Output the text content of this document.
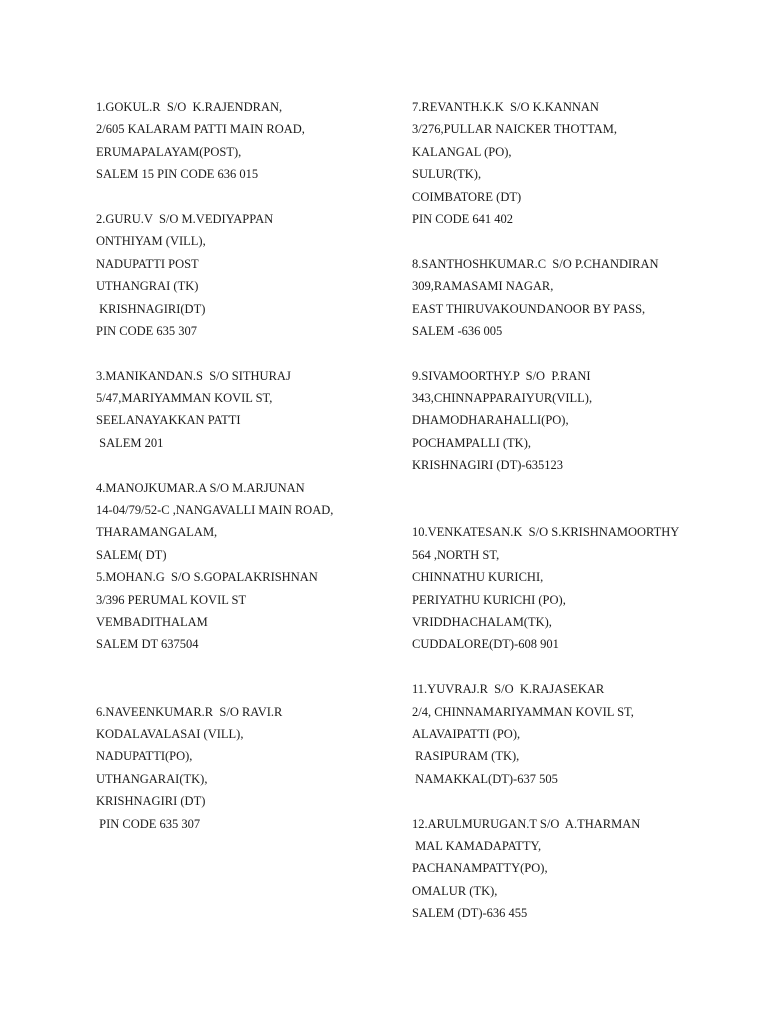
1.GOKUL.R  S/O  K.RAJENDRAN,
2/605 KALARAM PATTI MAIN ROAD,
ERUMAPALAYAM(POST),
SALEM 15 PIN CODE 636 015
2.GURU.V  S/O M.VEDIYAPPAN
ONTHIYAM (VILL),
NADUPATTI POST
UTHANGRAI (TK)
KRISHNAGIRI(DT)
PIN CODE 635 307
3.MANIKANDAN.S  S/O SITHURAJ
5/47,MARIYAMMAN KOVIL ST,
SEELANAYAKKAN PATTI
SALEM 201
4.MANOJKUMAR.A S/O M.ARJUNAN
14-04/79/52-C ,NANGAVALLI MAIN ROAD,
THARAMANGALAM,
SALEM( DT)
5.MOHAN.G  S/O S.GOPALAKRISHNAN
3/396 PERUMAL KOVIL ST
VEMBADITHALAM
SALEM DT 637504
6.NAVEENKUMAR.R  S/O RAVI.R
KODALAVALASAI (VILL),
NADUPATTI(PO),
UTHANGARAI(TK),
KRISHNAGIRI (DT)
PIN CODE 635 307
7.REVANTH.K.K  S/O K.KANNAN
3/276,PULLAR NAICKER THOTTAM,
KALANGAL (PO),
SULUR(TK),
COIMBATORE (DT)
PIN CODE 641 402
8.SANTHOSHKUMAR.C  S/O P.CHANDIRAN
309,RAMASAMI NAGAR,
EAST THIRUVAKOUNDANOOR BY PASS,
SALEM -636 005
9.SIVAMOORTHY.P  S/O  P.RANI
343,CHINNAPPARAIYUR(VILL),
DHAMODHARAHALLI(PO),
POCHAMPALLI (TK),
KRISHNAGIRI (DT)-635123
10.VENKATESAN.K  S/O S.KRISHNAMOORTHY
564 ,NORTH ST,
CHINNATHU KURICHI,
PERIYATHU KURICHI (PO),
VRIDDHACHALAM(TK),
CUDDALORE(DT)-608 901
11.YUVRAJ.R  S/O  K.RAJASEKAR
2/4, CHINNAMARIYAMMAN KOVIL ST,
ALAVAIPATTI (PO),
RASIPURAM (TK),
NAMAKKAL(DT)-637 505
12.ARULMURUGAN.T S/O  A.THARMAN
MAL KAMADAPATTY,
PACHANAMPATTY(PO),
OMALUR (TK),
SALEM (DT)-636 455
